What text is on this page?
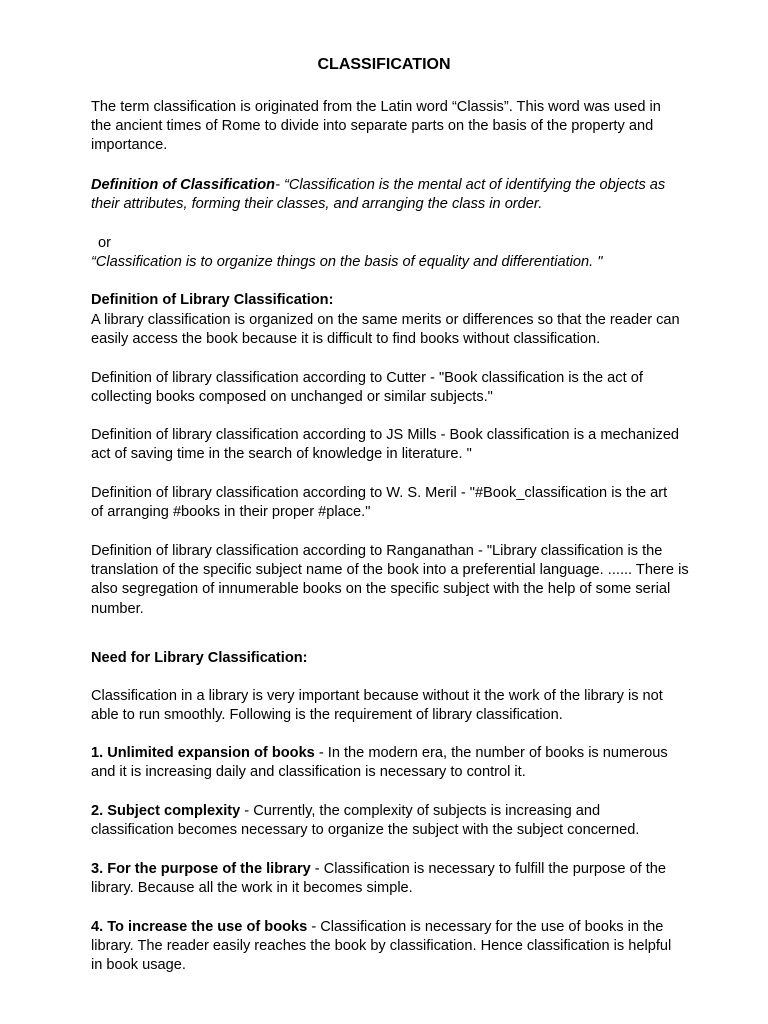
CLASSIFICATION

The term classification is originated from the Latin word “Classis”. This word was used in the ancient times of Rome to divide into separate parts on the basis of the property and importance.

Definition of Classification- “Classification is the mental act of identifying the objects as their attributes, forming their classes, and arranging the class in order.

or

“Classification is to organize things on the basis of equality and differentiation. "

Definition of Library Classification:

A library classification is organized on the same merits or differences so that the reader can easily access the book because it is difficult to find books without classification.

Definition of library classification according to Cutter - "Book classification is the act of collecting books composed on unchanged or similar subjects."

Definition of library classification according to JS Mills - Book classification is a mechanized act of saving time in the search of knowledge in literature. "

Definition of library classification according to W. S. Meril - "#Book_classification is the art of arranging #books in their proper #place."

Definition of library classification according to Ranganathan - "Library classification is the translation of the specific subject name of the book into a preferential language. ...... There is also segregation of innumerable books on the specific subject with the help of some serial number.

Need for Library Classification:

Classification in a library is very important because without it the work of the library is not able to run smoothly. Following is the requirement of library classification.

1. Unlimited expansion of books - In the modern era, the number of books is numerous and it is increasing daily and classification is necessary to control it.

2. Subject complexity - Currently, the complexity of subjects is increasing and classification becomes necessary to organize the subject with the subject concerned.

3. For the purpose of the library - Classification is necessary to fulfill the purpose of the library. Because all the work in it becomes simple.

4. To increase the use of books - Classification is necessary for the use of books in the library. The reader easily reaches the book by classification. Hence classification is helpful in book usage.
